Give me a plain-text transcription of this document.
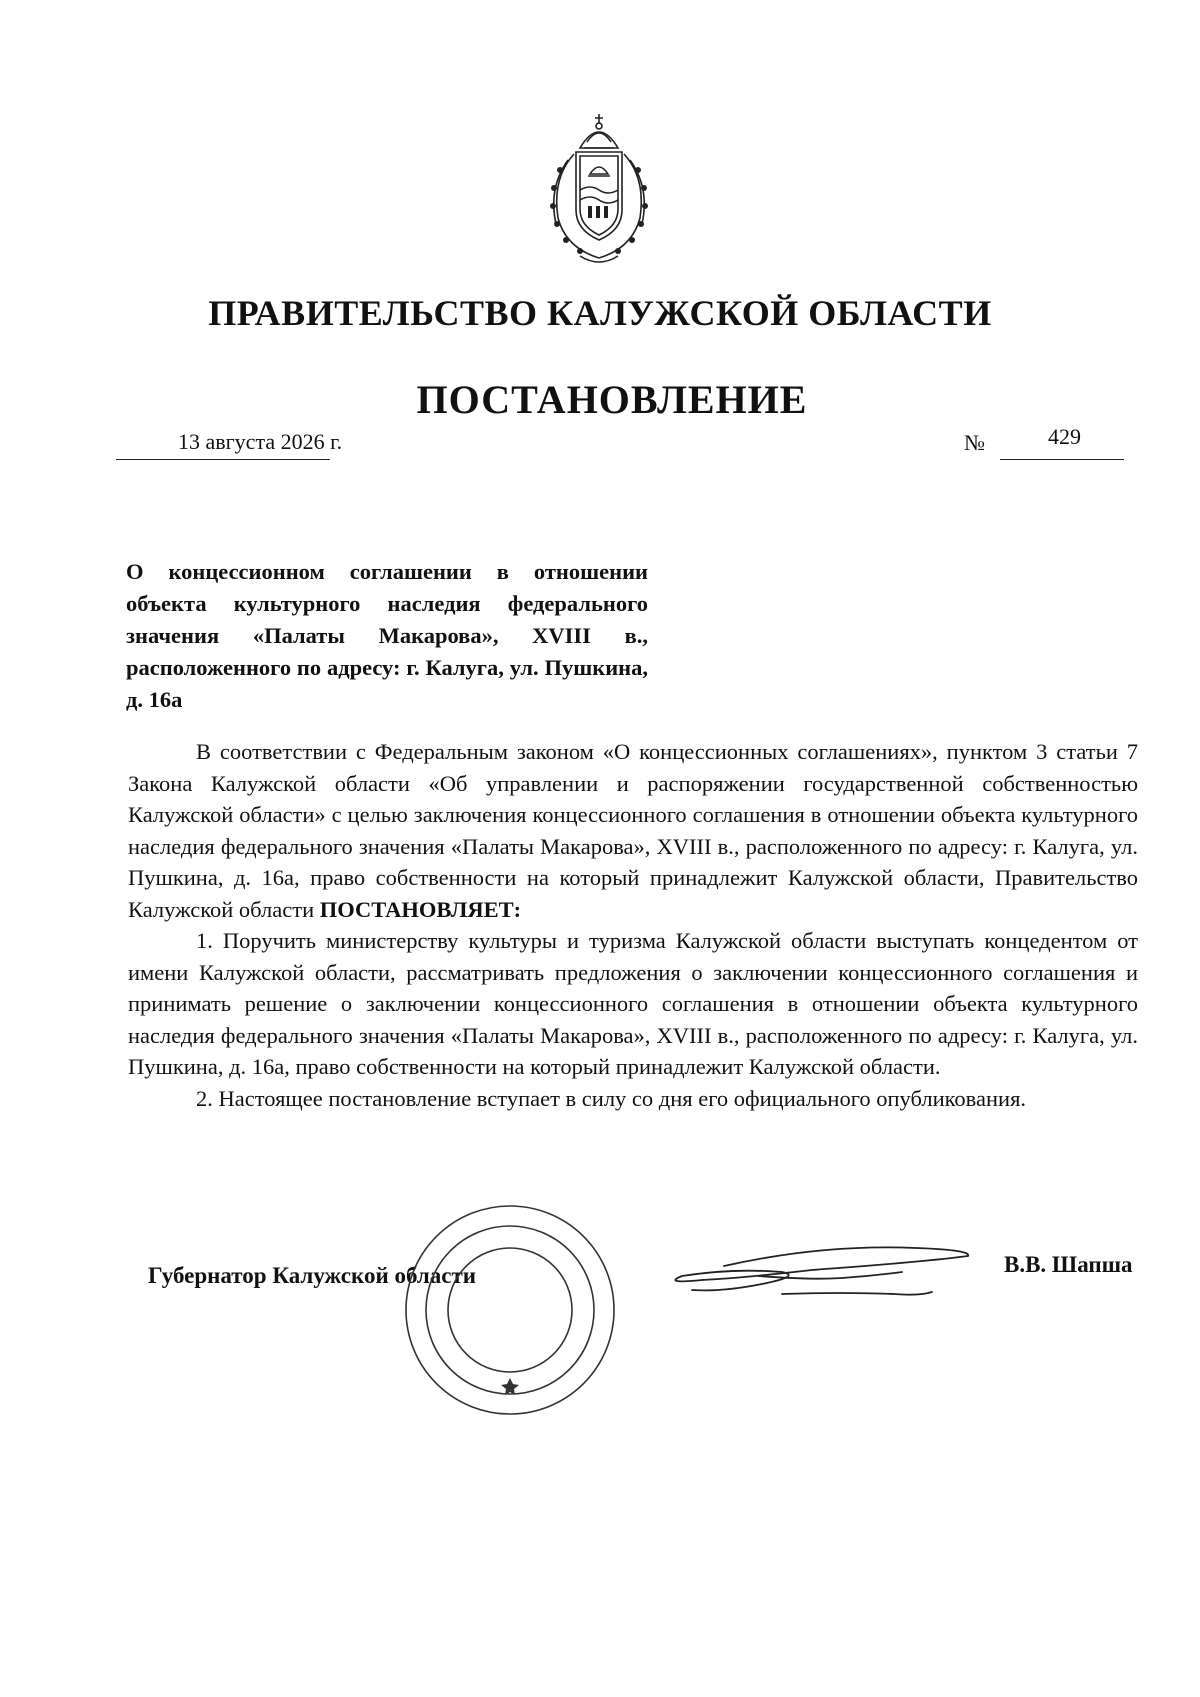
ПРАВИТЕЛЬСТВО КАЛУЖСКОЙ ОБЛАСТИ
ПОСТАНОВЛЕНИЕ
13 августа 2026 г.	№	429
О концессионном соглашении в отношении объекта культурного наследия федерального значения «Палаты Макарова», XVIII в., расположенного по адресу: г. Калуга, ул. Пушкина, д. 16а

В соответствии с Федеральным законом «О концессионных соглашениях», пунктом 3 статьи 7 Закона Калужской области «Об управлении и распоряжении государственной собственностью Калужской области» с целью заключения концессионного соглашения в отношении объекта культурного наследия федерального значения «Палаты Макарова», XVIII в., расположенного по адресу: г. Калуга, ул. Пушкина, д. 16а, право собственности на который принадлежит Калужской области, Правительство Калужской области ПОСТАНОВЛЯЕТ:

1. Поручить министерству культуры и туризма Калужской области выступать концедентом от имени Калужской области, рассматривать предложения о заключении концессионного соглашения и принимать решение о заключении концессионного соглашения в отношении объекта культурного наследия федерального значения «Палаты Макарова», XVIII в., расположенного по адресу: г. Калуга, ул. Пушкина, д. 16а, право собственности на который принадлежит Калужской области.

2. Настоящее постановление вступает в силу со дня его официального опубликования.

Губернатор Калужской области	В.В. Шапша
